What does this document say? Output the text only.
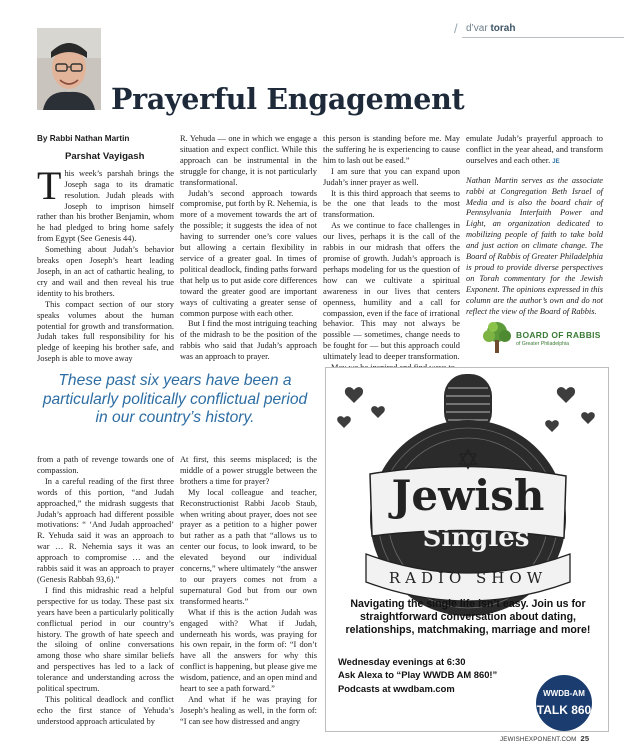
/ d’var torah
Prayerful Engagement
By Rabbi Nathan Martin
Parshat Vayigash

This week’s parshah brings the Joseph saga to its dramatic resolution. Judah pleads with Joseph to imprison himself rather than his brother Benjamin, whom he had pledged to bring home safely from Egypt (See Genesis 44).

Something about Judah’s behavior breaks open Joseph’s heart leading Joseph, in an act of cathartic healing, to cry and wail and then reveal his true identity to his brothers.

This compact section of our story speaks volumes about the human potential for growth and transformation. Judah takes full responsibility for his pledge of keeping his brother safe, and Joseph is able to move away

R. Yehuda — one in which we engage a situation and expect conflict. While this approach can be instrumental in the struggle for change, it is not particularly transformational.

Judah’s second approach towards compromise, put forth by R. Nehemia, is more of a movement towards the art of the possible; it suggests the idea of not having to surrender one’s core values but allowing a certain flexibility in service of a greater goal. In times of political deadlock, finding paths forward that help us to put aside core differences toward the greater good are important ways of cultivating a greater sense of common purpose with each other.

But I find the most intriguing teaching of the midrash to be the position of the rabbis who said that Judah’s approach was an approach to prayer.

this person is standing before me. May the suffering he is experiencing to cause him to lash out be eased.”

I am sure that you can expand upon Judah’s inner prayer as well.

It is this third approach that seems to be the one that leads to the most transformation.

As we continue to face challenges in our lives, perhaps it is the call of the rabbis in our midrash that offers the promise of growth. Judah’s approach is perhaps modeling for us the question of how can we cultivate a spiritual awareness in our lives that centers openness, humility and a call for compassion, even if the face of irrational behavior. This may not always be possible — sometimes, change needs to be fought for — but this approach could ultimately lead to deeper transformation.

emulate Judah’s prayerful approach to conflict in the year ahead, and transform ourselves and each other. JE

Nathan Martin serves as the associate rabbi at Congregation Beth Israel of Media and is also the board chair of Pennsylvania Interfaith Power and Light, an organization dedicated to mobilizing people of faith to take bold and just action on climate change. The Board of Rabbis of Greater Philadelphia is proud to provide diverse perspectives on Torah commentary for the Jewish Exponent. The opinions expressed in this column are the author’s own and do not reflect the view of the Board of Rabbis.

BOARD OF RABBIS
of Greater Philadelphia
These past six years have been a particularly politically conflictual period in our country’s history.

from a path of revenge towards one of compassion.

In a careful reading of the first three words of this portion, “and Judah approached,” the midrash suggests that Judah’s approach had different possible motivations: “ ‘And Judah approached’ R. Yehuda said it was an approach to war … R. Nehemia says it was an approach to compromise … and the rabbis said it was an approach to prayer (Genesis Rabbah 93,6).”

I find this midrashic read a helpful perspective for us today. These past six years have been a particularly politically conflictual period in our country’s history. The growth of hate speech and the siloing of online conversations among those who share similar beliefs and perspectives has led to a lack of tolerance and understanding across the political spectrum.

This political deadlock and conflict echo the first stance of Yehuda’s understood approach articulated by

At first, this seems misplaced; is the middle of a power struggle between the brothers a time for prayer?

My local colleague and teacher, Reconstructionist Rabbi Jacob Staub, when writing about prayer, does not see prayer as a petition to a higher power but rather as a path that “allows us to center our focus, to look inward, to be elevated beyond our individual concerns,” where ultimately “the answer to our prayers comes not from a supernatural God but from our own transformed hearts.”

What if this is the action Judah was engaged with? What if Judah, underneath his words, was praying for his own repair, in the form of: “I don’t have all the answers for why this conflict is happening, but please give me wisdom, patience, and an open mind and heart to see a path forward.”

And what if he was praying for Joseph’s healing as well, in the form of: “I can see how distressed and angry

Jewish
Singles
RADIO SHOW
WWDB-AM
TALK 860
Navigating the single life isn’t easy. Join us for straightforward conversation about dating, relationships, matchmaking, marriage and more!
Wednesday evenings at 6:30
Ask Alexa to “Play WWDB AM 860!”
Podcasts at wwdbam.com
JEWISHEXPONENT.COM 25
